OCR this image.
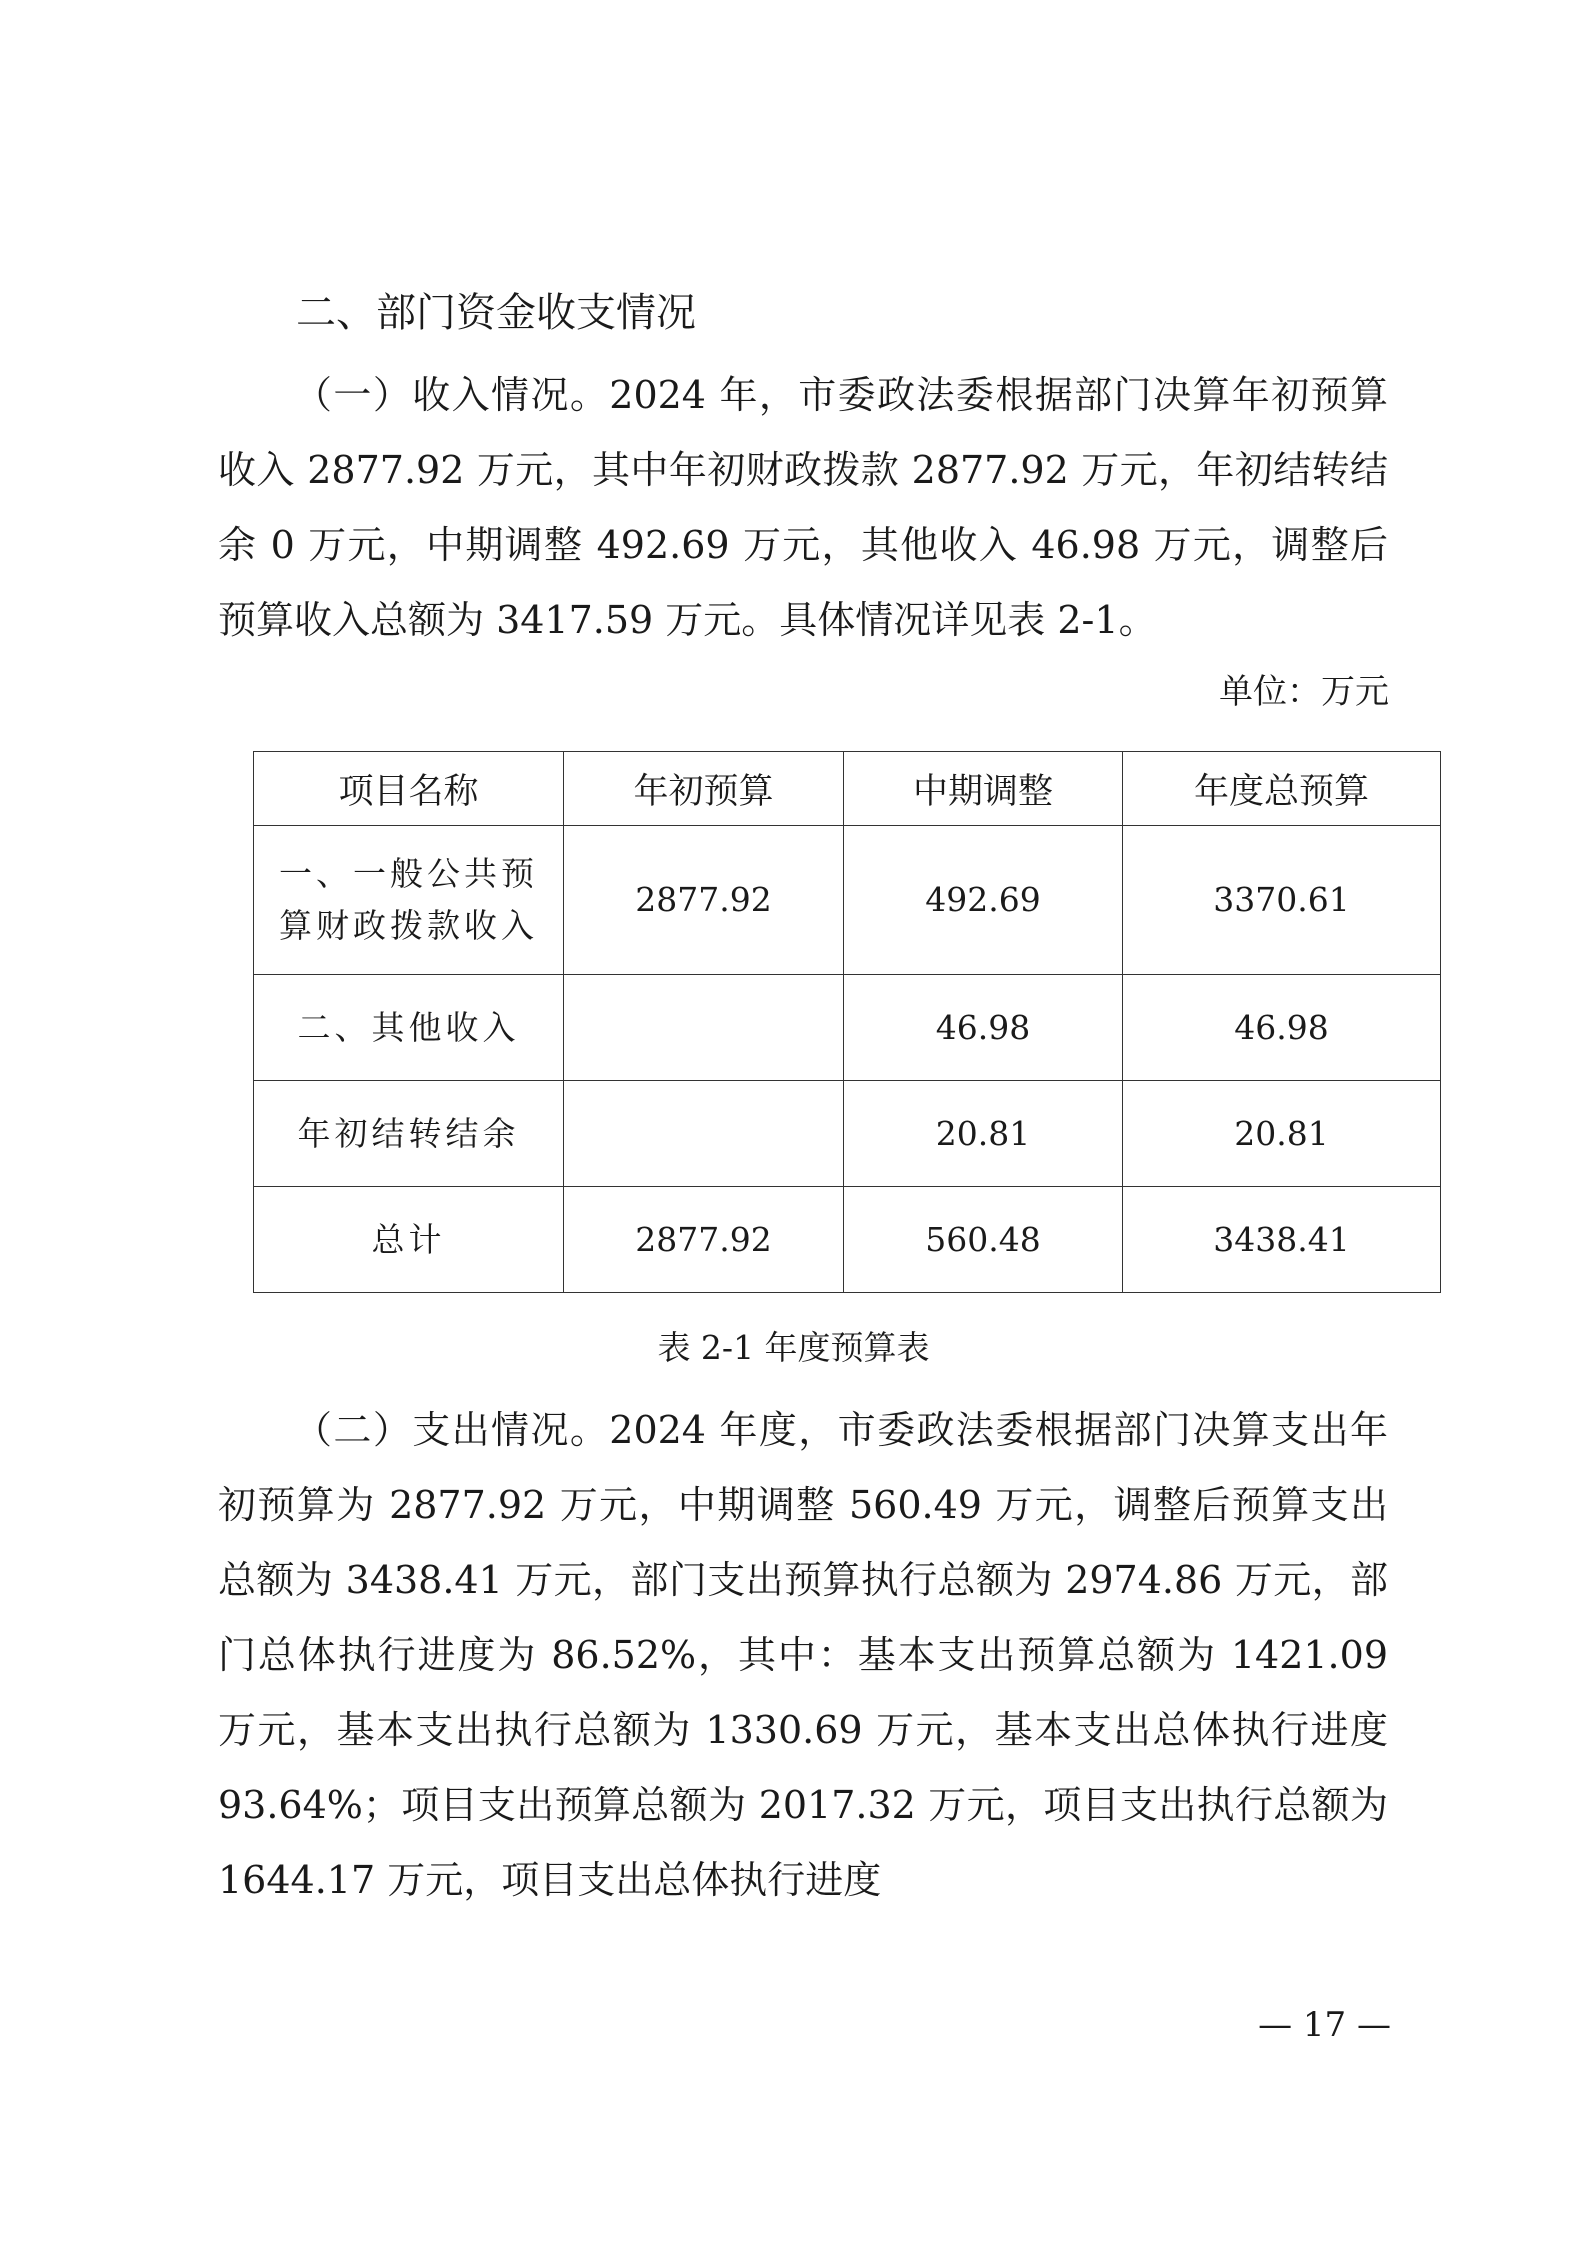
二、部门资金收支情况

（一）收入情况。2024 年，市委政法委根据部门决算年初预算收入 2877.92 万元，其中年初财政拨款 2877.92 万元，年初结转结余 0 万元，中期调整 492.69 万元，其他收入 46.98 万元，调整后预算收入总额为 3417.59 万元。具体情况详见表 2-1。

单位：万元
项目名称	年初预算	中期调整	年度总预算
一、一般公共预算财政拨款收入	2877.92	492.69	3370.61
二、其他收入		46.98	46.98
年初结转结余		20.81	20.81
总计	2877.92	560.48	3438.41
表 2-1 年度预算表

（二）支出情况。2024 年度，市委政法委根据部门决算支出年初预算为 2877.92 万元，中期调整 560.49 万元，调整后预算支出总额为 3438.41 万元，部门支出预算执行总额为 2974.86 万元，部门总体执行进度为 86.52%，其中：基本支出预算总额为 1421.09 万元，基本支出执行总额为 1330.69 万元，基本支出总体执行进度 93.64%；项目支出预算总额为 2017.32 万元，项目支出执行总额为 1644.17 万元，项目支出总体执行进度

— 17 —
